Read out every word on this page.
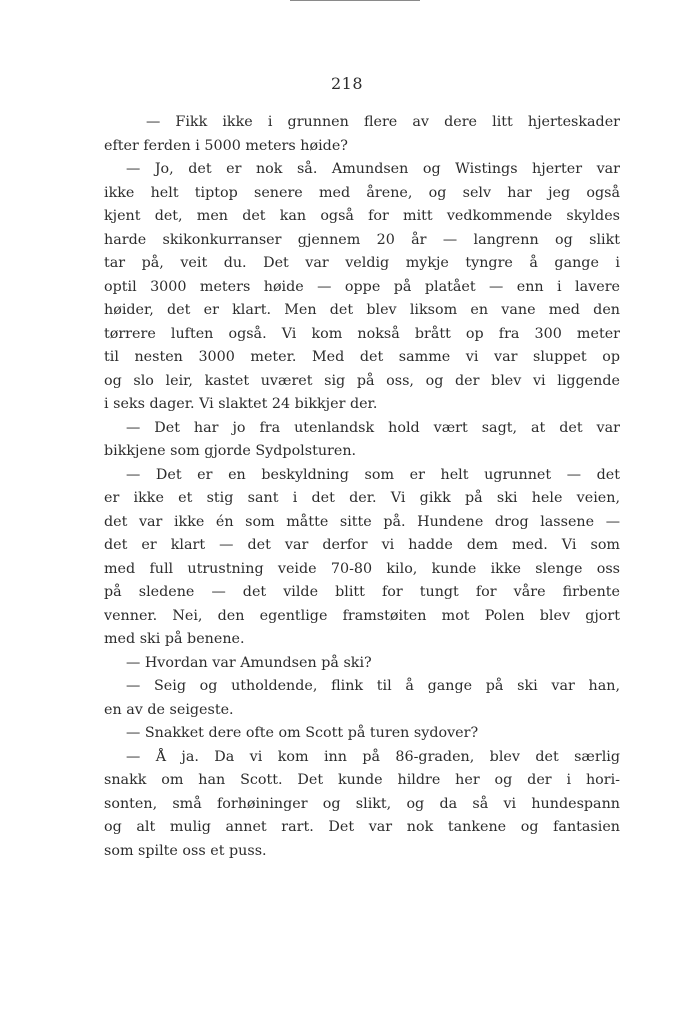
218
— Fikk ikke i grunnen flere av dere litt hjerteskader
efter ferden i 5000 meters høide?
— Jo, det er nok så. Amundsen og Wistings hjerter var
ikke helt tiptop senere med årene, og selv har jeg også
kjent det, men det kan også for mitt vedkommende skyldes
harde skikonkurranser gjennem 20 år — langrenn og slikt
tar på, veit du. Det var veldig mykje tyngre å gange i
optil 3000 meters høide — oppe på platået — enn i lavere
høider, det er klart. Men det blev liksom en vane med den
tørrere luften også. Vi kom nokså brått op fra 300 meter
til nesten 3000 meter. Med det samme vi var sluppet op
og slo leir, kastet uværet sig på oss, og der blev vi liggende
i seks dager. Vi slaktet 24 bikkjer der.
— Det har jo fra utenlandsk hold vært sagt, at det var
bikkjene som gjorde Sydpolsturen.
— Det er en beskyldning som er helt ugrunnet — det
er ikke et stig sant i det der. Vi gikk på ski hele veien,
det var ikke én som måtte sitte på. Hundene drog lassene —
det er klart — det var derfor vi hadde dem med. Vi som
med full utrustning veide 70-80 kilo, kunde ikke slenge oss
på sledene — det vilde blitt for tungt for våre firbente
venner. Nei, den egentlige framstøiten mot Polen blev gjort
med ski på benene.
— Hvordan var Amundsen på ski?
— Seig og utholdende, flink til å gange på ski var han,
en av de seigeste.
— Snakket dere ofte om Scott på turen sydover?
— Å ja. Da vi kom inn på 86-graden, blev det særlig
snakk om han Scott. Det kunde hildre her og der i hori-
sonten, små forhøininger og slikt, og da så vi hundespann
og alt mulig annet rart. Det var nok tankene og fantasien
som spilte oss et puss.
